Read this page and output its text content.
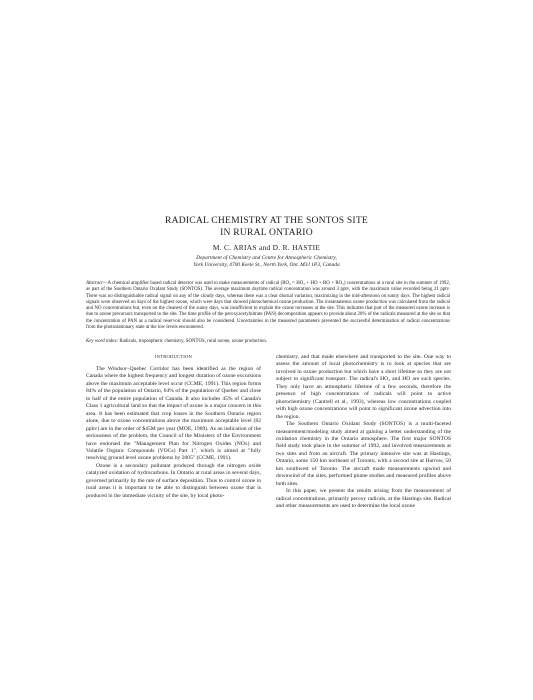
RADICAL CHEMISTRY AT THE SONTOS SITE
IN RURAL ONTARIO
M. C. ARIAS and D. R. HASTIE
Department of Chemistry and Centre for Atmospheric Chemistry,
York University, 4700 Keele St., North York, Ont. M3J 1P3, Canada
Abstract—A chemical amplifier based radical detector was used to make measurements of radical (RO₂ = HO₂ + HO + RO + RO₂) concentrations at a rural site in the summer of 1992, as part of the Southern Ontario Oxidant Study (SONTOS). The average maximum daytime radical concentration was around 3 pptv, with the maximum value recorded being 21 pptv. There was no distinguishable radical signal on any of the cloudy days, whereas there was a clear diurnal variation, maximizing in the mid-afternoon on sunny days. The highest radical signals were observed on days of the highest ozone, which were days that showed photochemical ozone production. The instantaneous ozone production was calculated from the radical and NO concentrations but, even on the cleanest of the sunny days, was insufficient to explain the ozone increases at the site. This indicates that part of the measured ozone increase is due to ozone precursors transported to the site. The time profile of the peroxyacetylnitrate (PAN) decomposition appears to provide about 20% of the radicals measured at the site so that the concentration of PAN as a radical reservoir should also be considered. Uncertainties in the measured parameters prevented the successful determination of radical concentrations from the photostationary state at the low levels encountered.
Key word index: Radicals, tropospheric chemistry, SONTOS, rural ozone, ozone production.
INTRODUCTION

The Windsor–Quebec Corridor has been identified as the region of Canada where the highest frequency and longest duration of ozone excursions above the maximum acceptable level occur (CCME, 1991). This region forms 84% of the population of Ontario, 64% of the population of Quebec and close to half of the entire population of Canada. It also includes 45% of Canada's Class 1 agricultural land so that the impact of ozone is a major concern in this area. It has been estimated that crop losses in the Southern Ontario region alone, due to ozone concentrations above the maximum acceptable level (82 ppbv) are in the order of $45M per year (MOE, 1989). As an indication of the seriousness of the problem, the Council of the Ministers of the Environment have endorsed the "Management Plan for Nitrogen Oxides (NOx) and Volatile Organic Compounds (VOCs) Part 1", which is aimed at "fully resolving ground level ozone problems by 2005" (CCME, 1991).

Ozone is a secondary pollutant produced through the nitrogen oxide catalyzed oxidation of hydrocarbons. In Ontario at rural areas in several days, governed primarily by the rate of surface deposition. Thus to control ozone in rural areas it is important to be able to distinguish between ozone that is produced in the immediate vicinity of the site, by local photo-

chemistry, and that made elsewhere and transported to the site. One way to assess the amount of local photochemistry is to look at species that are involved in ozone production but which have a short lifetime so they are not subject to significant transport. The radical's HO₂ and HO are such species. They only have an atmospheric lifetime of a few seconds, therefore the presence of high concentrations of radicals will point to active photochemistry (Cantrell et al., 1993), whereas low concentrations coupled with high ozone concentrations will point to significant ozone advection into the region.

The Southern Ontario Oxidant Study (SONTOS) is a multi-faceted measurement/modeling study aimed at gaining a better understanding of the oxidation chemistry in the Ontario atmosphere. The first major SONTOS field study took place in the summer of 1992, and involved measurements at two sites and from an aircraft. The primary intensive site was at Hastings, Ontario, some 150 km northeast of Toronto, with a second site at Harrow, 50 km southwest of Toronto. The aircraft made measurements upwind and downwind of the sites, performed plume studies and measured profiles above both sites.

In this paper, we present the results arising from the measurement of radical concentrations, primarily peroxy radicals, at the Hastings site. Radical and other measurements are used to determine the local ozone
